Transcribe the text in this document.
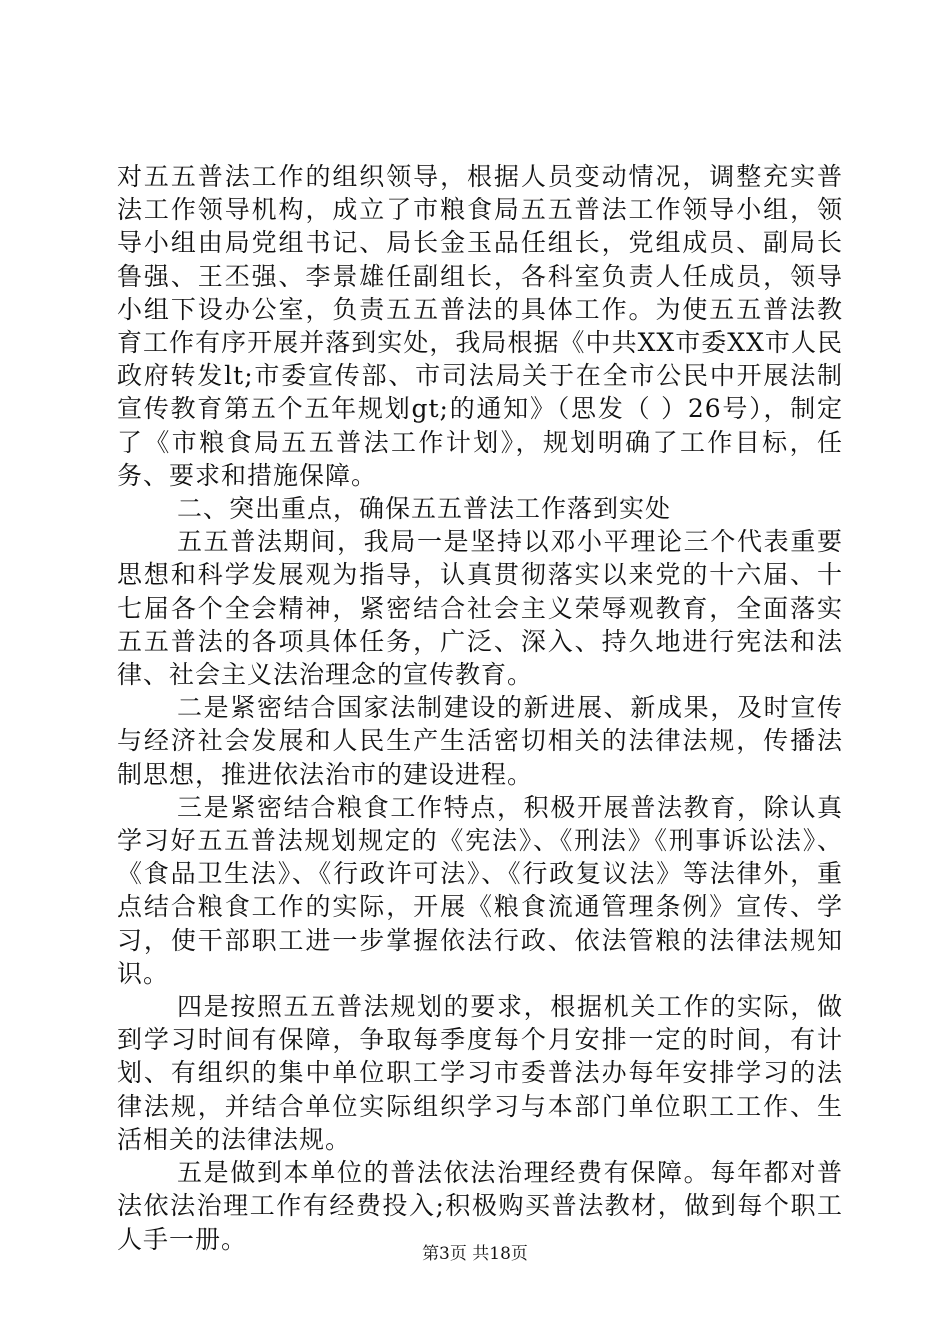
对五五普法工作的组织领导，根据人员变动情况，调整充实普法工作领导机构，成立了市粮食局五五普法工作领导小组，领导小组由局党组书记、局长金玉品任组长，党组成员、副局长鲁强、王丕强、李景雄任副组长，各科室负责人任成员，领导小组下设办公室，负责五五普法的具体工作。为使五五普法教育工作有序开展并落到实处，我局根据《中共XX市委XX市人民政府转发lt;市委宣传部、市司法局关于在全市公民中开展法制宣传教育第五个五年规划gt;的通知》（思发（ ）26号），制定了《市粮食局五五普法工作计划》，规划明确了工作目标，任务、要求和措施保障。

二、突出重点，确保五五普法工作落到实处

五五普法期间，我局一是坚持以邓小平理论三个代表重要思想和科学发展观为指导，认真贯彻落实以来党的十六届、十七届各个全会精神，紧密结合社会主义荣辱观教育，全面落实五五普法的各项具体任务，广泛、深入、持久地进行宪法和法律、社会主义法治理念的宣传教育。

二是紧密结合国家法制建设的新进展、新成果，及时宣传与经济社会发展和人民生产生活密切相关的法律法规，传播法制思想，推进依法治市的建设进程。

三是紧密结合粮食工作特点，积极开展普法教育，除认真学习好五五普法规划规定的《宪法》、《刑法》《刑事诉讼法》、《食品卫生法》、《行政许可法》、《行政复议法》等法律外，重点结合粮食工作的实际，开展《粮食流通管理条例》宣传、学习，使干部职工进一步掌握依法行政、依法管粮的法律法规知识。

四是按照五五普法规划的要求，根据机关工作的实际，做到学习时间有保障，争取每季度每个月安排一定的时间，有计划、有组织的集中单位职工学习市委普法办每年安排学习的法律法规，并结合单位实际组织学习与本部门单位职工工作、生活相关的法律法规。

五是做到本单位的普法依法治理经费有保障。每年都对普法依法治理工作有经费投入;积极购买普法教材，做到每个职工人手一册。

第3页 共18页
